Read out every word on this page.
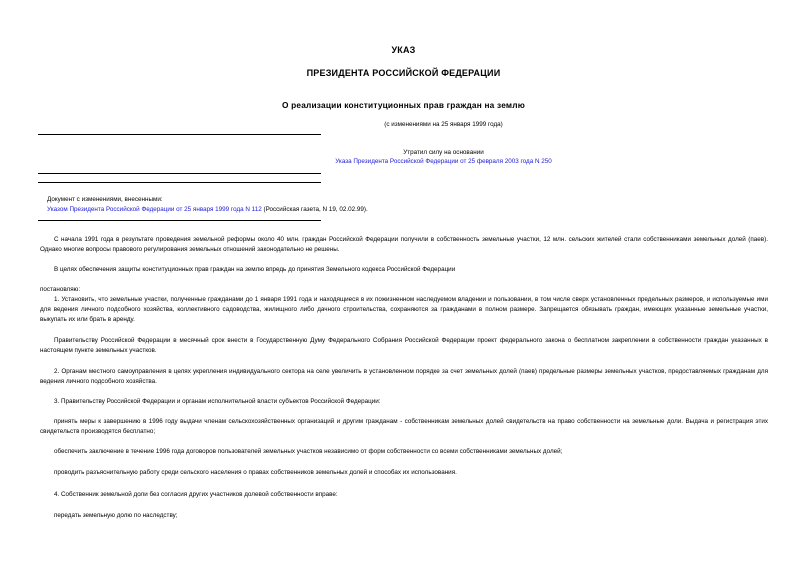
УКАЗ
ПРЕЗИДЕНТА РОССИЙСКОЙ ФЕДЕРАЦИИ
О реализации конституционных прав граждан на землю
(с изменениями на 25 января 1999 года)
Утратил силу на основании
Указа Президента Российской Федерации от 25 февраля 2003 года N 250
Документ с изменениями, внесенными:
Указом Президента Российской Федерации от 25 января 1999 года N 112 (Российская газета, N 19, 02.02.99).
С начала 1991 года в результате проведения земельной реформы около 40 млн. граждан Российской Федерации получили в собственность земельные участки, 12 млн. сельских жителей стали собственниками земельных долей (паев). Однако многие вопросы правового регулирования земельных отношений законодательно не решены.
В целях обеспечения защиты конституционных прав граждан на землю впредь до принятия Земельного кодекса Российской Федерации
постановляю:
1. Установить, что земельные участки, полученные гражданами до 1 января 1991 года и находящиеся в их пожизненном наследуемом владении и пользовании, в том числе сверх установленных предельных размеров, и используемые ими для ведения личного подсобного хозяйства, коллективного садоводства, жилищного либо дачного строительства, сохраняются за гражданами в полном размере. Запрещается обязывать граждан, имеющих указанные земельные участки, выкупать их или брать в аренду.
Правительству Российской Федерации в месячный срок внести в Государственную Думу Федерального Собрания Российской Федерации проект федерального закона о бесплатном закреплении в собственности граждан указанных в настоящем пункте земельных участков.
2. Органам местного самоуправления в целях укрепления индивидуального сектора на селе увеличить в установленном порядке за счет земельных долей (паев) предельные размеры земельных участков, предоставляемых гражданам для ведения личного подсобного хозяйства.
3. Правительству Российской Федерации и органам исполнительной власти субъектов Российской Федерации:
принять меры к завершению в 1996 году выдачи членам сельскохозяйственных организаций и другим гражданам - собственникам земельных долей свидетельств на право собственности на земельные доли. Выдача и регистрация этих свидетельств производятся бесплатно;
обеспечить заключение в течение 1996 года договоров пользователей земельных участков независимо от форм собственности со всеми собственниками земельных долей;
проводить разъяснительную работу среди сельского населения о правах собственников земельных долей и способах их использования.
4. Собственник земельной доли без согласия других участников долевой собственности вправе:
передать земельную долю по наследству;
